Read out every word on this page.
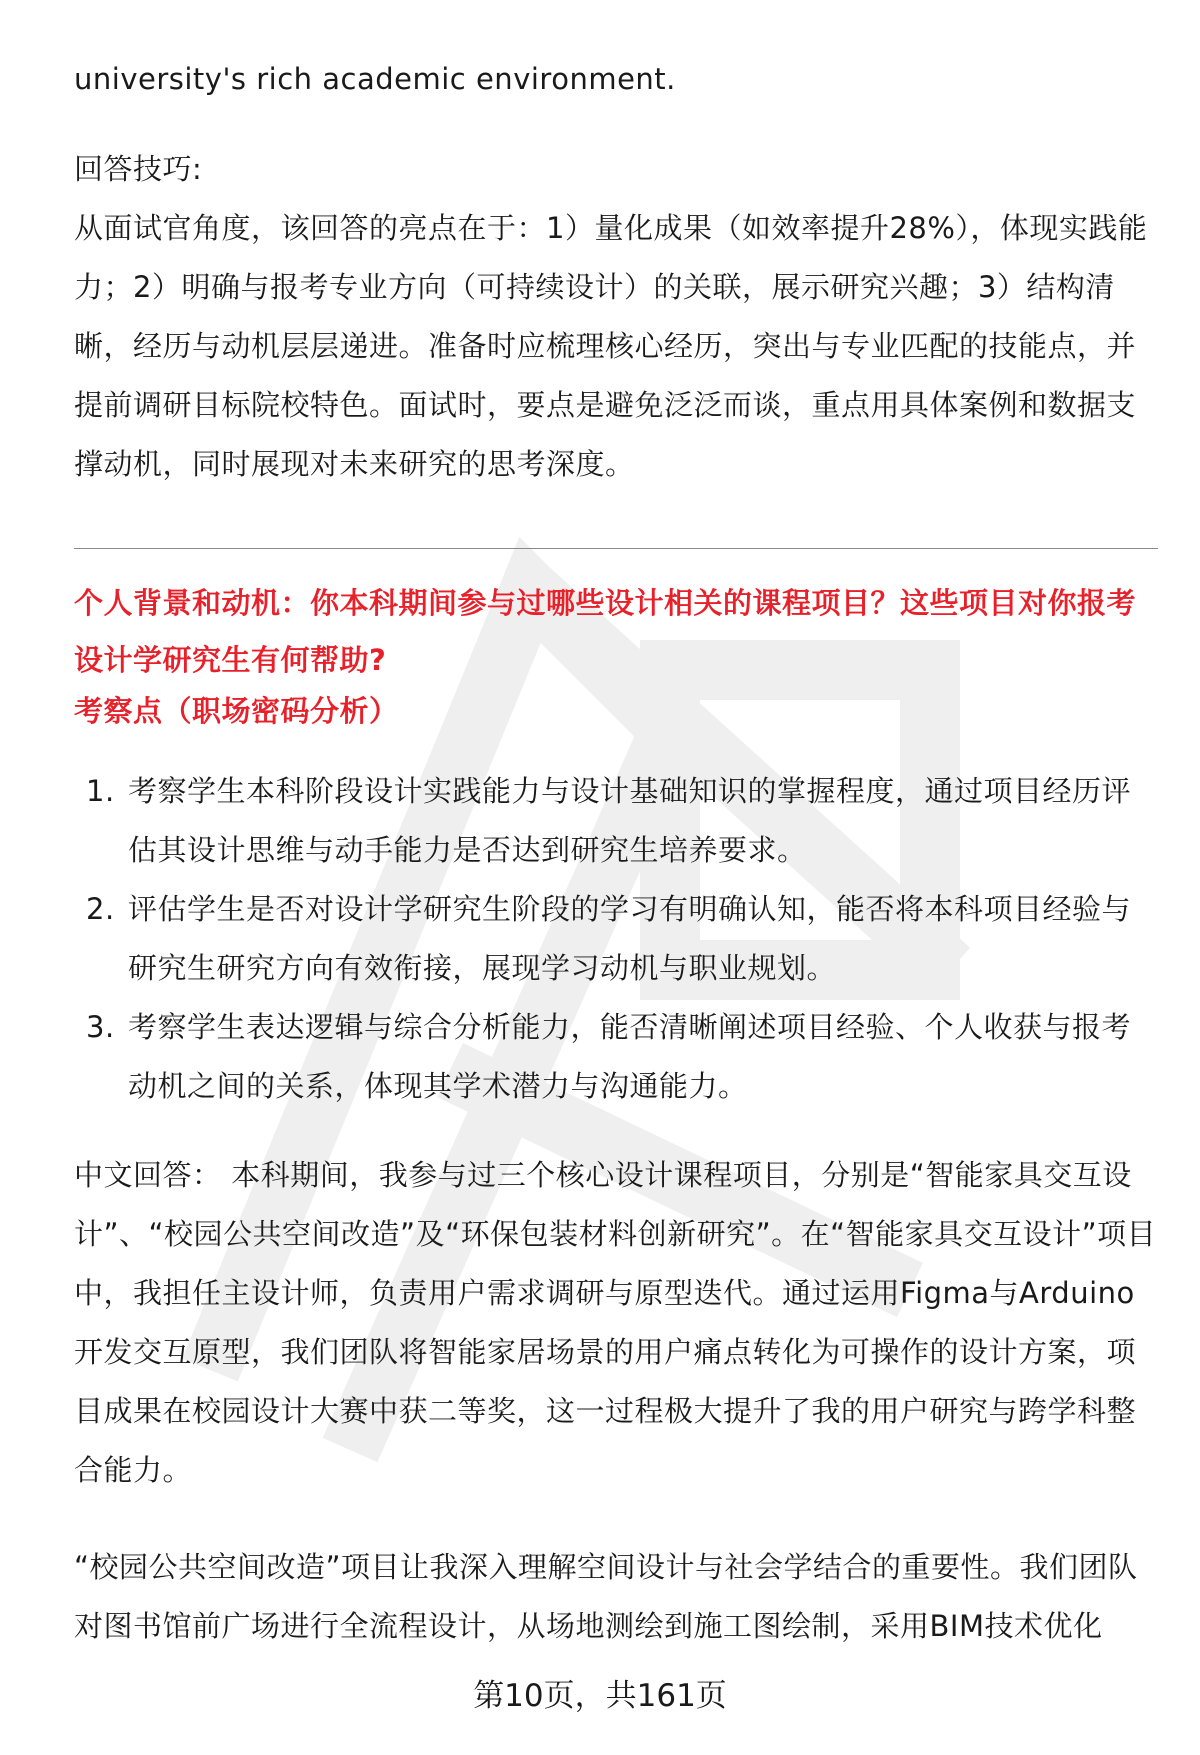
university's rich academic environment.

回答技巧:

从面试官角度，该回答的亮点在于：1）量化成果（如效率提升28%），体现实践能力；2）明确与报考专业方向（可持续设计）的关联，展示研究兴趣；3）结构清晰，经历与动机层层递进。准备时应梳理核心经历，突出与专业匹配的技能点，并提前调研目标院校特色。面试时，要点是避免泛泛而谈，重点用具体案例和数据支撑动机，同时展现对未来研究的思考深度。

个人背景和动机：你本科期间参与过哪些设计相关的课程项目？这些项目对你报考设计学研究生有何帮助?

考察点（职场密码分析）

1. 考察学生本科阶段设计实践能力与设计基础知识的掌握程度，通过项目经历评估其设计思维与动手能力是否达到研究生培养要求。
2. 评估学生是否对设计学研究生阶段的学习有明确认知，能否将本科项目经验与研究生研究方向有效衔接，展现学习动机与职业规划。
3. 考察学生表达逻辑与综合分析能力，能否清晰阐述项目经验、个人收获与报考动机之间的关系，体现其学术潜力与沟通能力。

中文回答： 本科期间，我参与过三个核心设计课程项目，分别是“智能家具交互设计”、“校园公共空间改造”及“环保包装材料创新研究”。在“智能家具交互设计”项目中，我担任主设计师，负责用户需求调研与原型迭代。通过运用Figma与Arduino开发交互原型，我们团队将智能家居场景的用户痛点转化为可操作的设计方案，项目成果在校园设计大赛中获二等奖，这一过程极大提升了我的用户研究与跨学科整合能力。

“校园公共空间改造”项目让我深入理解空间设计与社会学结合的重要性。我们团队对图书馆前广场进行全流程设计，从场地测绘到施工图绘制，采用BIM技术优化

第10页，共161页
